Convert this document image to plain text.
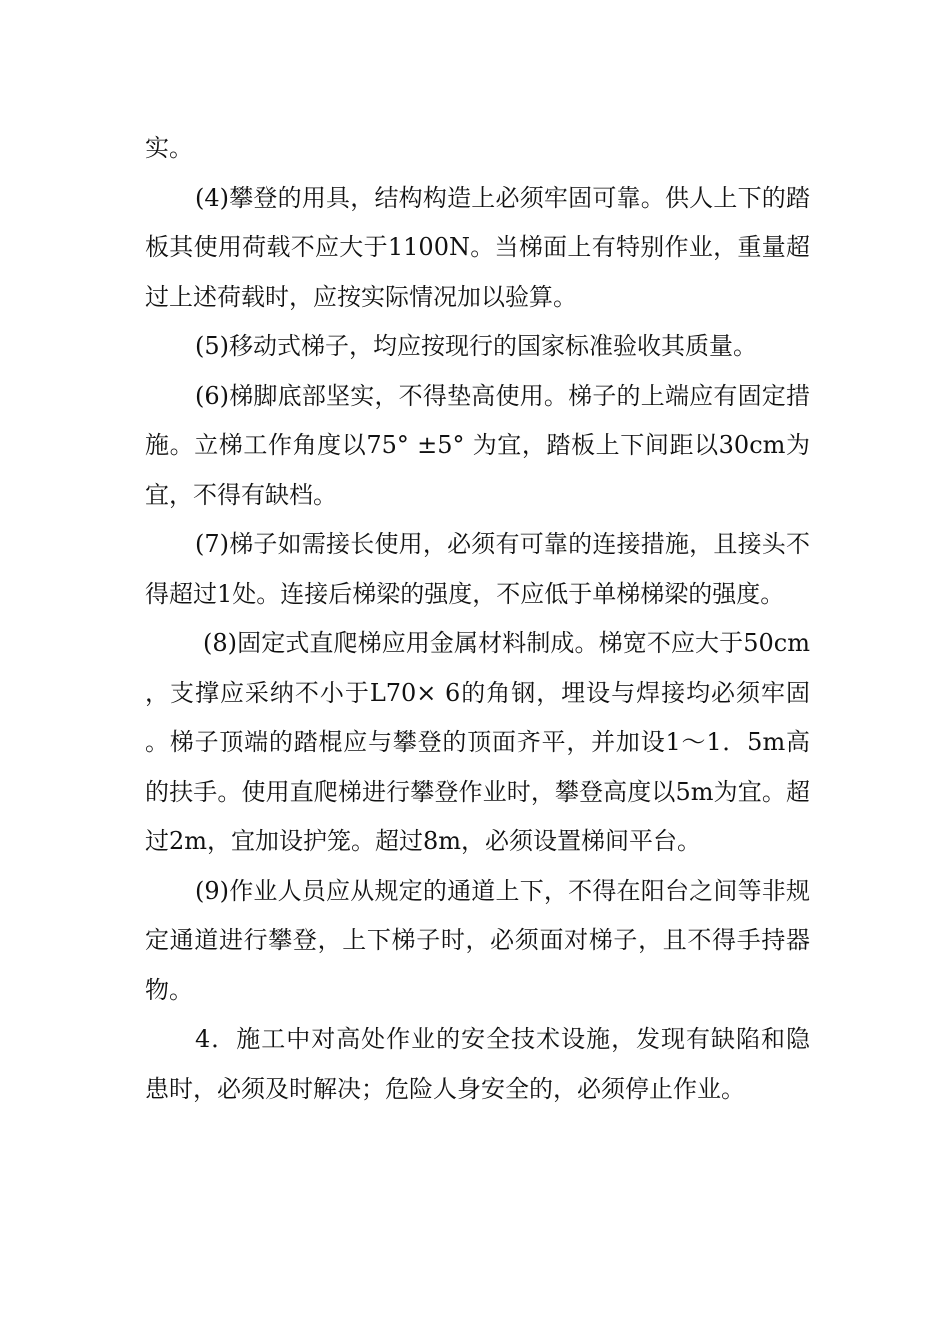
实。

(4)攀登的用具，结构构造上必须牢固可靠。供人上下的踏板其使用荷载不应大于1100N。当梯面上有特别作业，重量超过上述荷载时，应按实际情况加以验算。

(5)移动式梯子，均应按现行的国家标准验收其质量。

(6)梯脚底部坚实，不得垫高使用。梯子的上端应有固定措施。立梯工作角度以75° ±5° 为宜，踏板上下间距以30cm为宜，不得有缺档。

(7)梯子如需接长使用，必须有可靠的连接措施，且接头不得超过1处。连接后梯梁的强度，不应低于单梯梯梁的强度。

(8)固定式直爬梯应用金属材料制成。梯宽不应大于50cm，支撑应采纳不小于L70× 6的角钢，埋设与焊接均必须牢固。梯子顶端的踏棍应与攀登的顶面齐平，并加设1～1．5m高的扶手。使用直爬梯进行攀登作业时，攀登高度以5m为宜。超过2m，宜加设护笼。超过8m，必须设置梯间平台。

(9)作业人员应从规定的通道上下，不得在阳台之间等非规定通道进行攀登，上下梯子时，必须面对梯子，且不得手持器物。

4．施工中对高处作业的安全技术设施，发现有缺陷和隐患时，必须及时解决；危险人身安全的，必须停止作业。
